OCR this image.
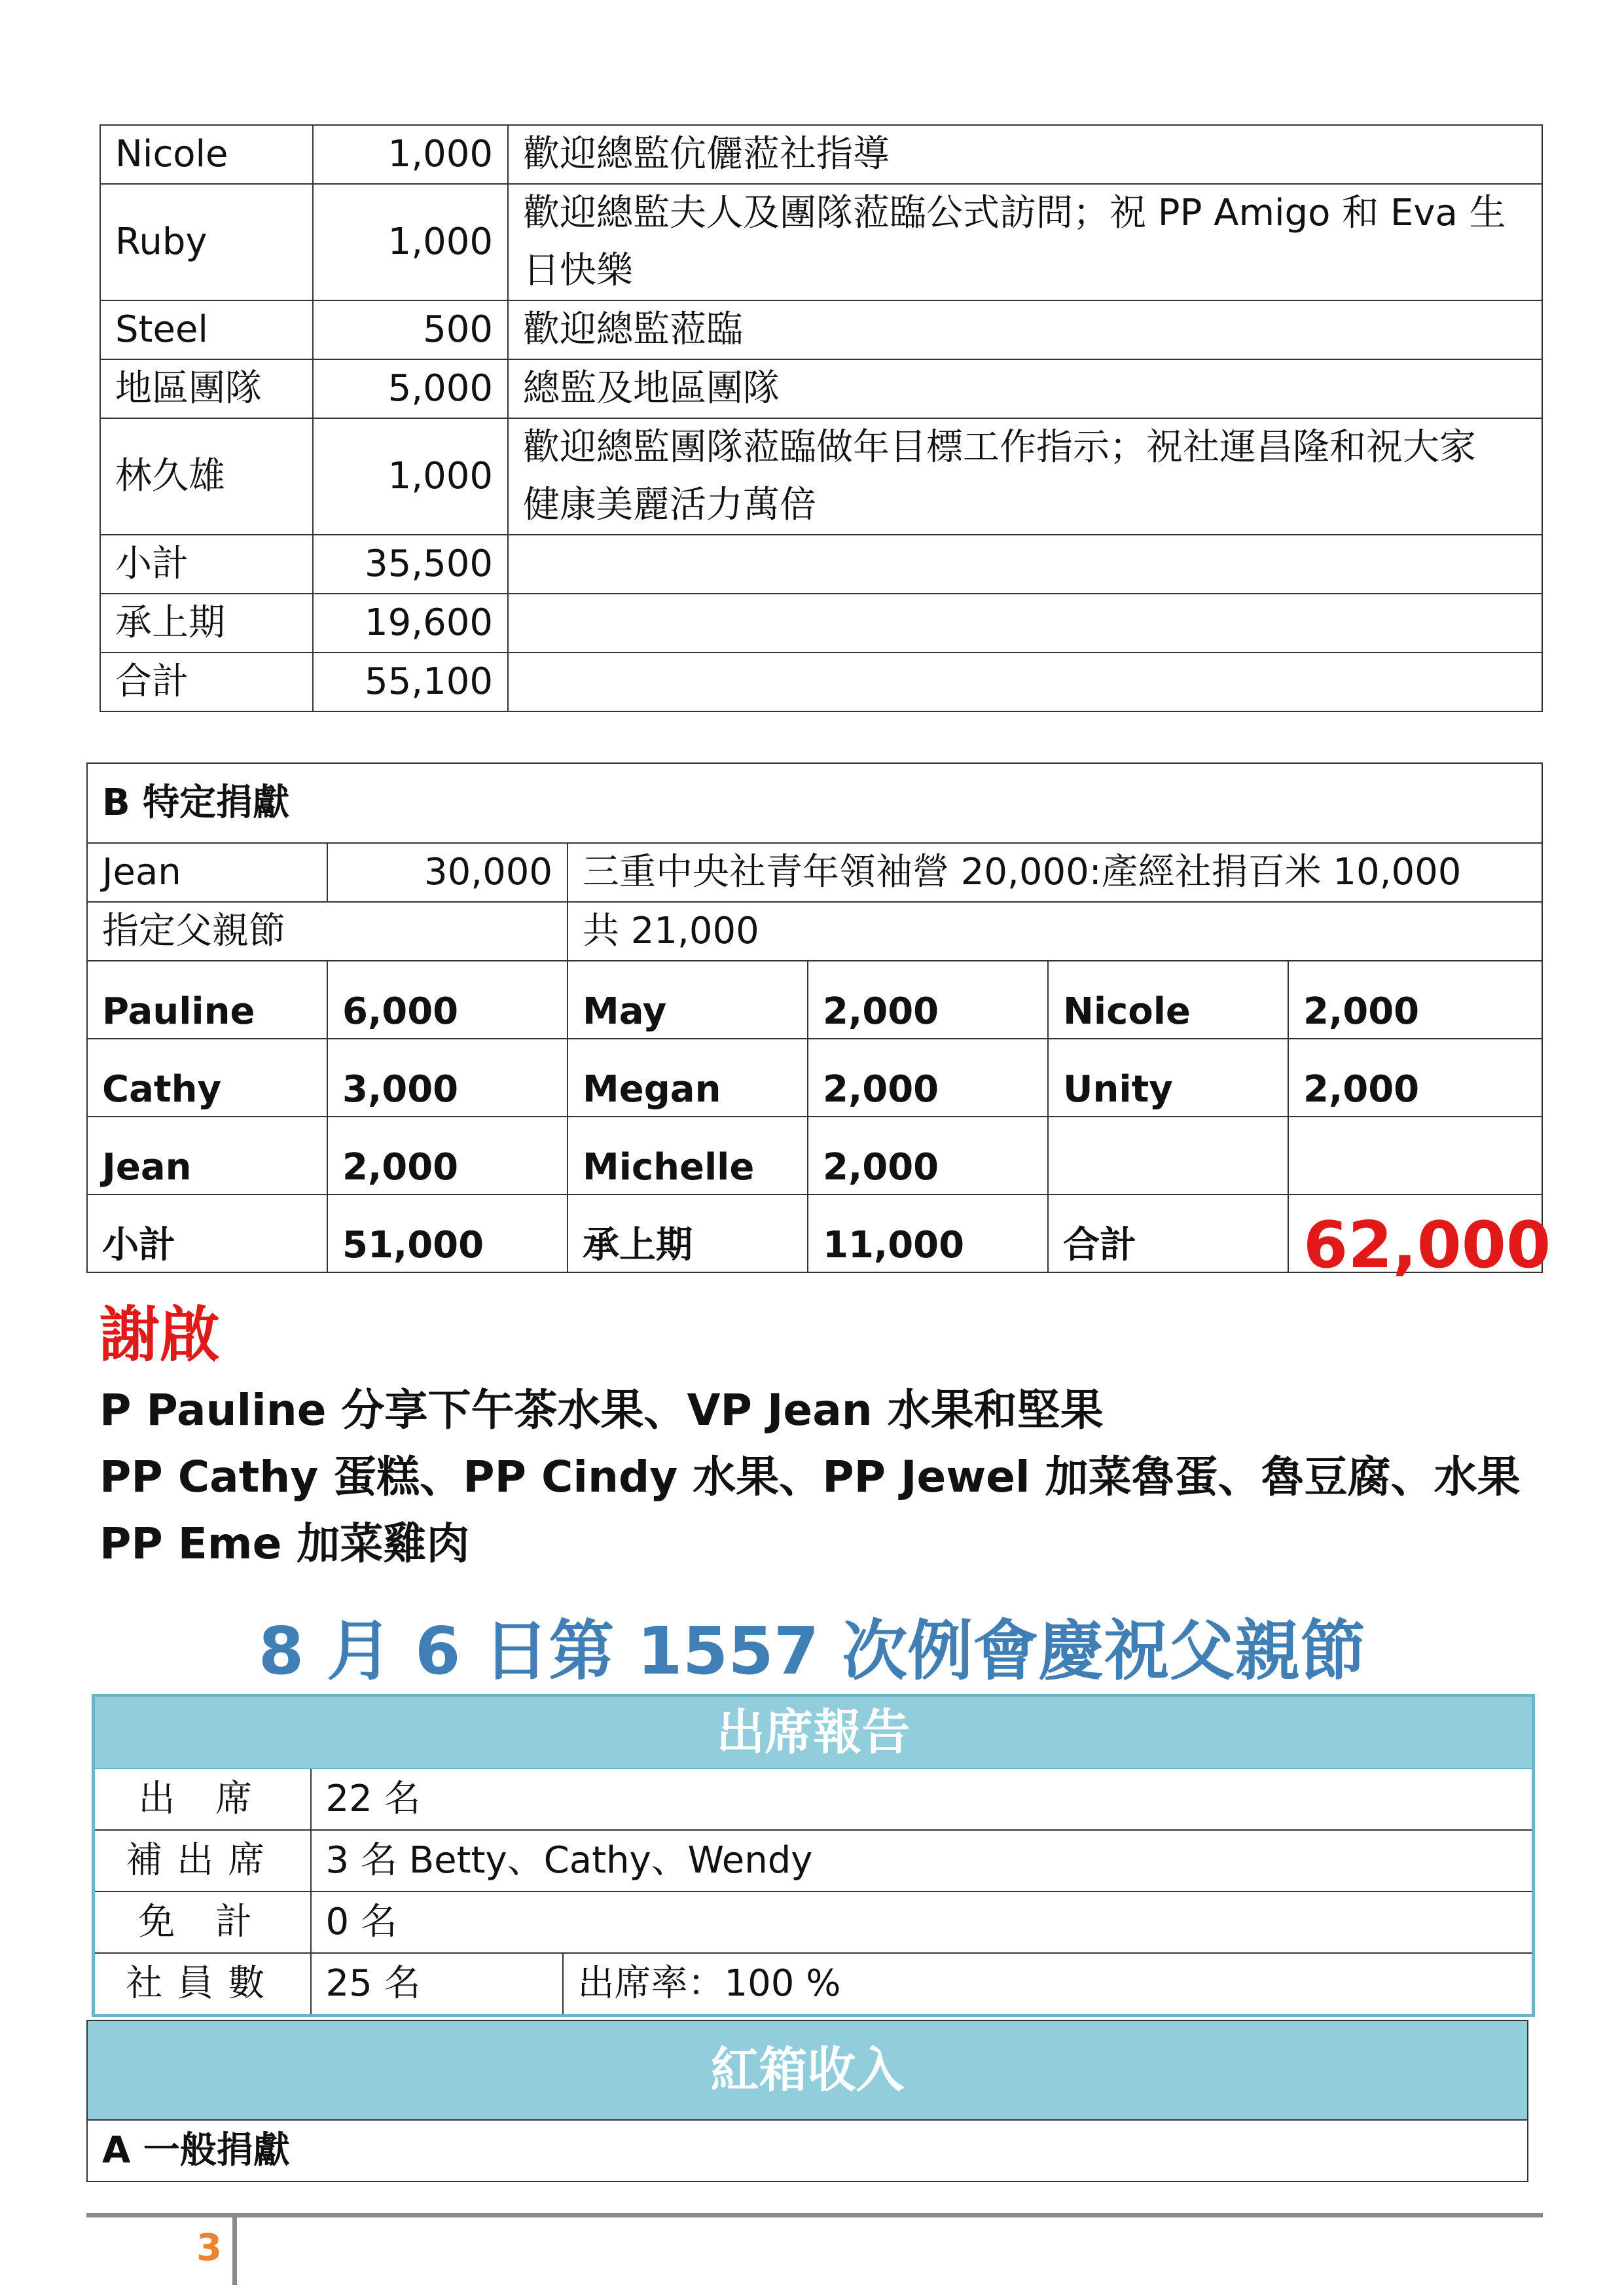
Nicole	1,000	歡迎總監伉儷蒞社指導
Ruby	1,000	歡迎總監夫人及團隊蒞臨公式訪問；祝 PP Amigo 和 Eva 生
日快樂

Steel	500	歡迎總監蒞臨
地區團隊	5,000	總監及地區團隊
林久雄	1,000	歡迎總監團隊蒞臨做年目標工作指示；祝社運昌隆和祝大家
健康美麗活力萬倍

小計	35,500	
承上期	19,600	
合計	55,100	
B 特定捐獻					
Jean	30,000	三重中央社青年領袖營 20,000:產經社捐百米 10,000			
指定父親節		共 21,000			

Pauline	6,000	May	2,000	Nicole	2,000

Cathy	3,000	Megan	2,000	Unity	2,000

Jean	2,000	Michelle	2,000		

小計	51,000	承上期	11,000	合計	62,000
謝啟
P Pauline 分享下午茶水果、VP Jean 水果和堅果
PP Cathy 蛋糕、PP Cindy 水果、PP Jewel 加菜魯蛋、魯豆腐、水果
PP Eme 加菜雞肉
8 月 6 日第 1557 次例會慶祝父親節
出席報告		
出 席	22 名	
補出席	3 名 Betty、Cathy、Wendy	
免 計	0 名	
社員數	25 名	出席率：100 %
紅箱收入
A 一般捐獻
3
